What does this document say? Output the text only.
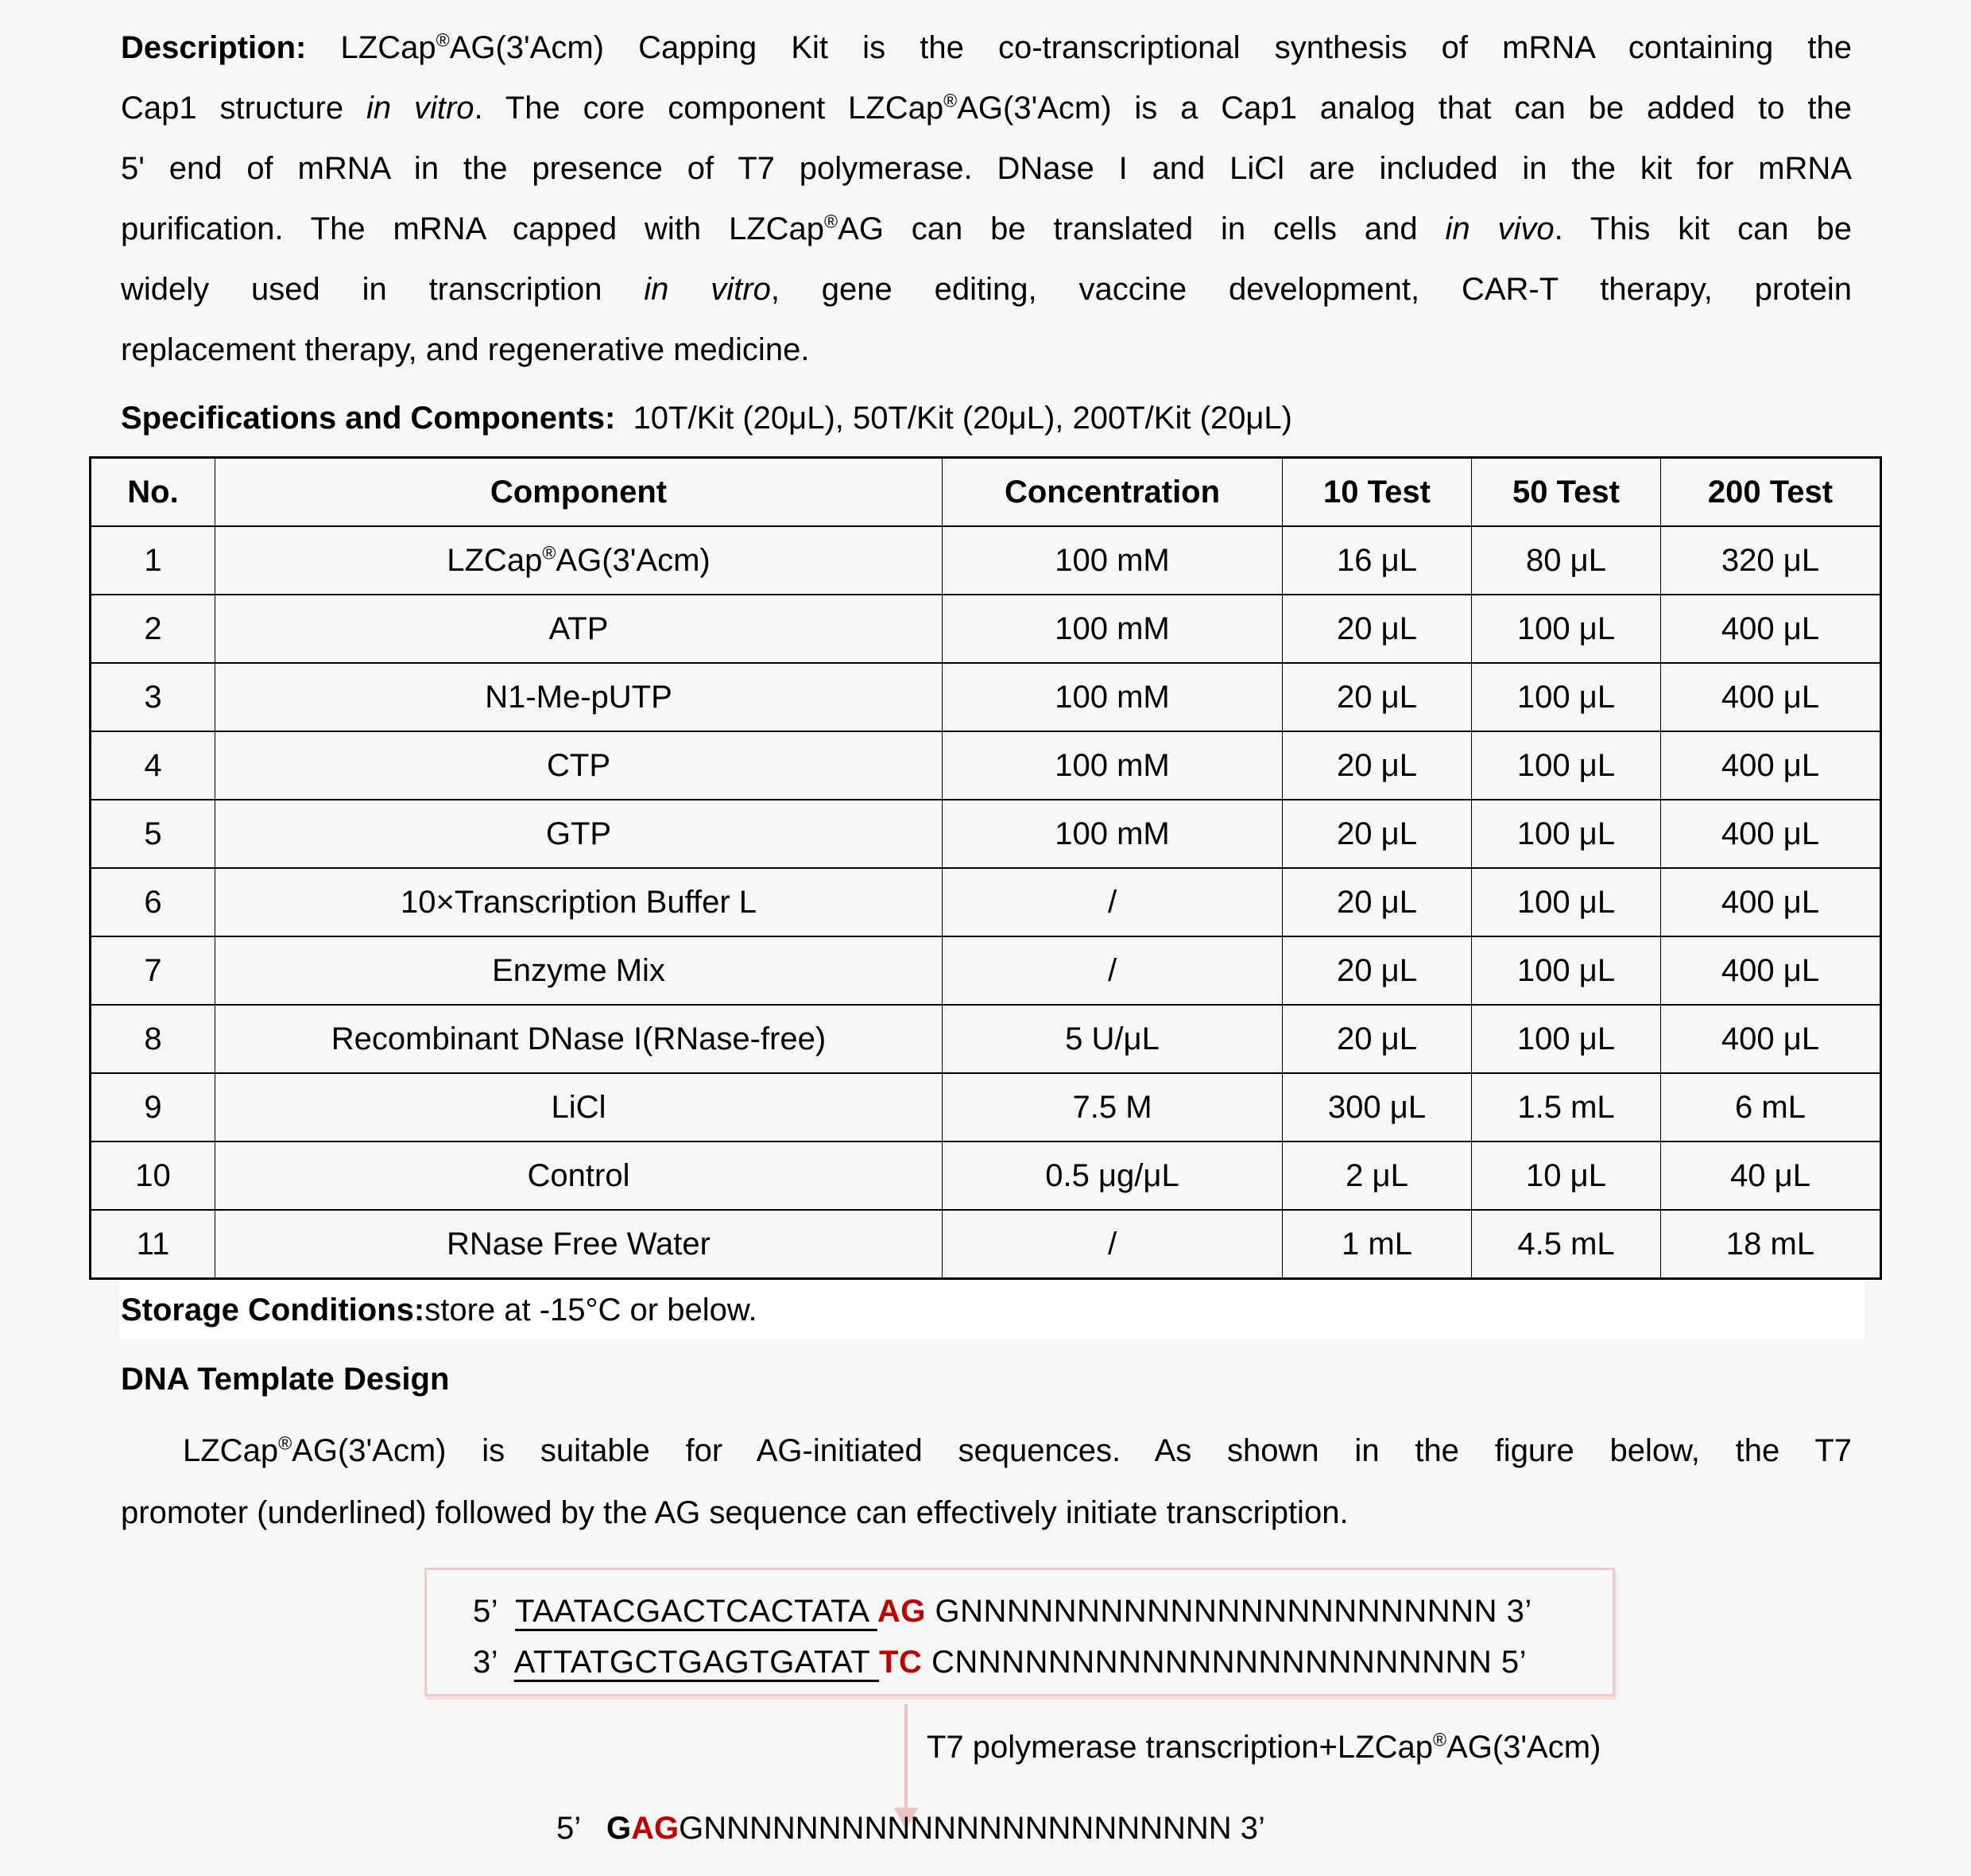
Description: LZCap®AG(3'Acm) Capping Kit is the co-transcriptional synthesis of mRNA containing the
Cap1 structure in vitro. The core component LZCap®AG(3'Acm) is a Cap1 analog that can be added to the
5' end of mRNA in the presence of T7 polymerase. DNase I and LiCl are included in the kit for mRNA
purification. The mRNA capped with LZCap®AG can be translated in cells and in vivo. This kit can be
widely used in transcription in vitro, gene editing, vaccine development, CAR-T therapy, protein
replacement therapy, and regenerative medicine.
Specifications and Components:  10T/Kit (20μL), 50T/Kit (20μL), 200T/Kit (20μL)
No.	Component	Concentration	10 Test	50 Test	200 Test
1	LZCap®AG(3'Acm)	100 mM	16 μL	80 μL	320 μL
2	ATP	100 mM	20 μL	100 μL	400 μL
3	N1-Me-pUTP	100 mM	20 μL	100 μL	400 μL
4	CTP	100 mM	20 μL	100 μL	400 μL
5	GTP	100 mM	20 μL	100 μL	400 μL
6	10×Transcription Buffer L	/	20 μL	100 μL	400 μL
7	Enzyme Mix	/	20 μL	100 μL	400 μL
8	Recombinant DNase I(RNase-free)	5 U/μL	20 μL	100 μL	400 μL
9	LiCl	7.5 M	300 μL	1.5 mL	6 mL
10	Control	0.5 μg/μL	2 μL	10 μL	40 μL
11	RNase Free Water	/	1 mL	4.5 mL	18 mL
Storage Conditions: store at -15°C or below.
DNA Template Design
LZCap®AG(3'Acm) is suitable for AG-initiated sequences. As shown in the figure below, the T7
promoter (underlined) followed by the AG sequence can effectively initiate transcription.
5’  TAATACGACTCACTATA AG GNNNNNNNNNNNNNNNNNNNNNNN 3’
3’  ATTATGCTGAGTGATAT TC CNNNNNNNNNNNNNNNNNNNNNNN 5’
T7 polymerase transcription+LZCap®AG(3'Acm)
5’   GAGGNNNNNNNNNNNNNNNNNNNNNNN 3’
